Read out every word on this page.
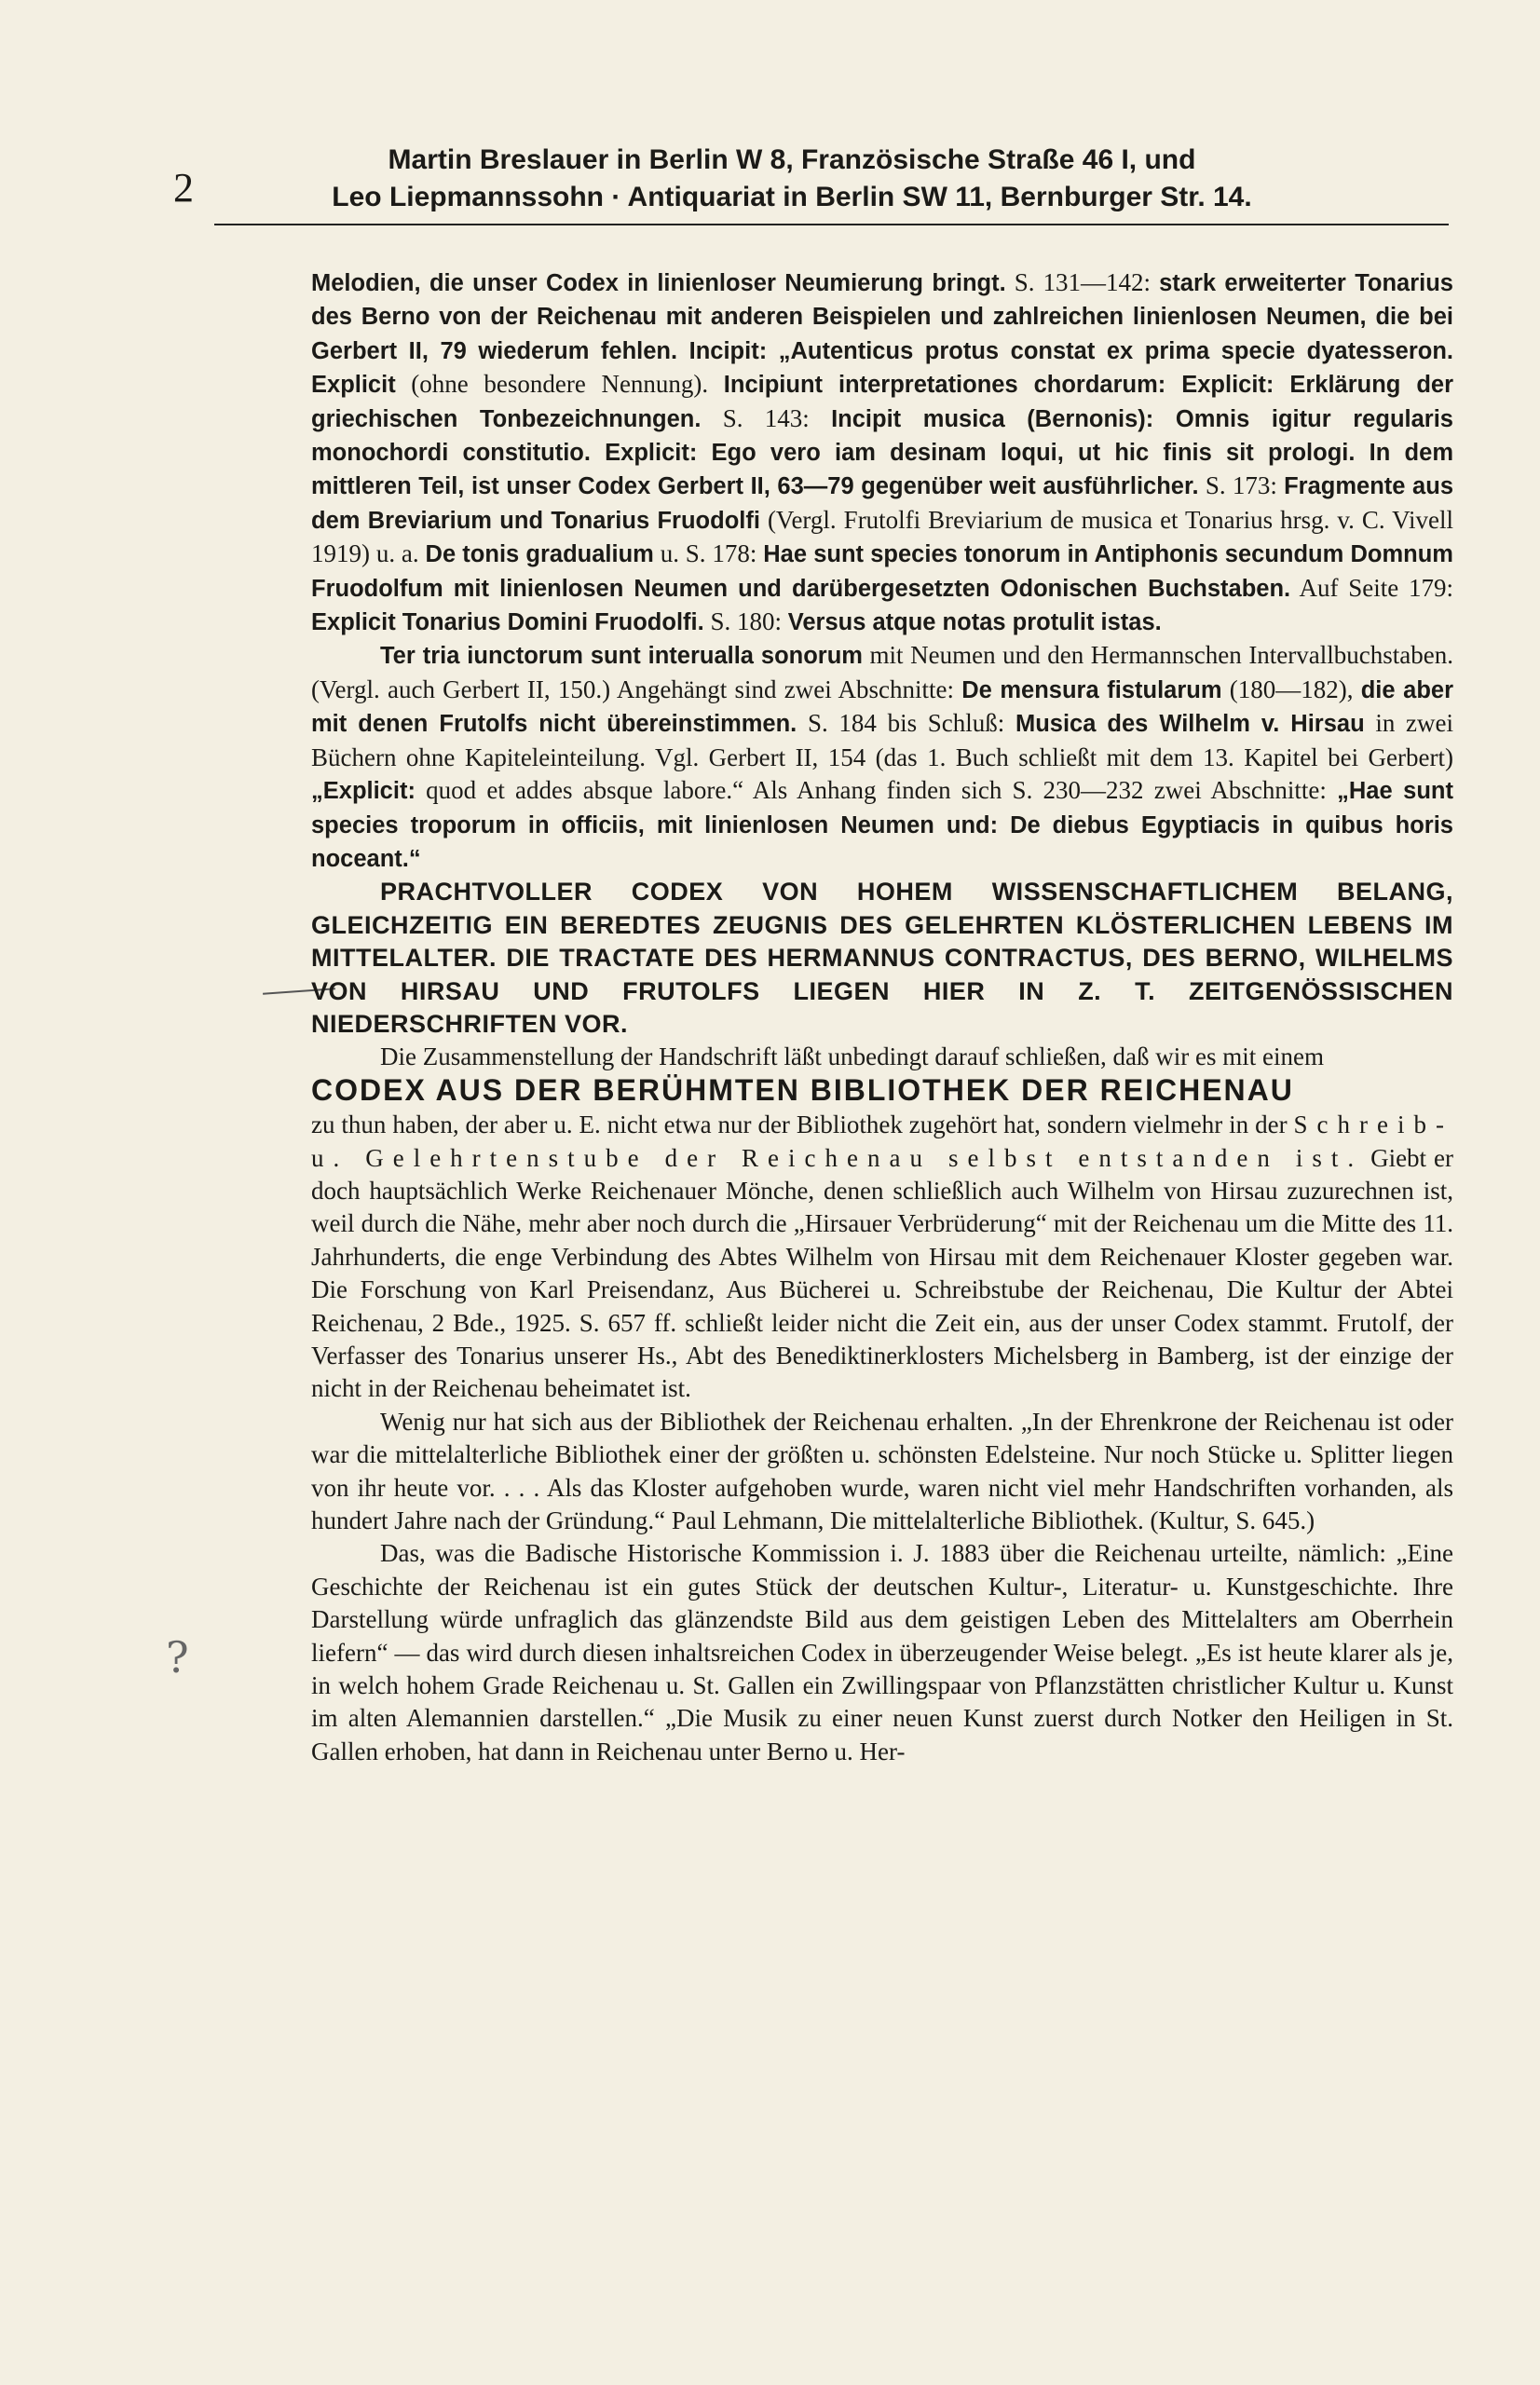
2
Martin Breslauer in Berlin W 8, Französische Straße 46 I, und
Leo Liepmannssohn · Antiquariat in Berlin SW 11, Bernburger Str. 14.
?

Melodien, die unser Codex in linienloser Neumierung bringt. S. 131—142: stark erweiterter Tonarius des Berno von der Reichenau mit anderen Beispielen und zahlreichen linienlosen Neumen, die bei Gerbert II, 79 wiederum fehlen. Incipit: „Autenticus protus constat ex prima specie dyatesseron. Explicit (ohne besondere Nennung). Incipiunt interpretationes chordarum: Explicit: Erklärung der griechischen Tonbezeichnungen. S. 143: Incipit musica (Bernonis): Omnis igitur regularis monochordi constitutio. Explicit: Ego vero iam desinam loqui, ut hic finis sit prologi. In dem mittleren Teil, ist unser Codex Gerbert II, 63—79 gegenüber weit ausführlicher. S. 173: Fragmente aus dem Breviarium und Tonarius Fruodolfi (Vergl. Frutolfi Breviarium de musica et Tonarius hrsg. v. C. Vivell 1919) u. a. De tonis gradualium u. S. 178: Hae sunt species tonorum in Antiphonis secundum Domnum Fruodolfum mit linienlosen Neumen und darübergesetzten Odonischen Buchstaben. Auf Seite 179: Explicit Tonarius Domini Fruodolfi. S. 180: Versus atque notas protulit istas.

Ter tria iunctorum sunt interualla sonorum mit Neumen und den Hermannschen Intervallbuchstaben. (Vergl. auch Gerbert II, 150.) Angehängt sind zwei Abschnitte: De mensura fistularum (180—182), die aber mit denen Frutolfs nicht übereinstimmen. S. 184 bis Schluß: Musica des Wilhelm v. Hirsau in zwei Büchern ohne Kapiteleinteilung. Vgl. Gerbert II, 154 (das 1. Buch schließt mit dem 13. Kapitel bei Gerbert) „Explicit: quod et addes absque labore.“ Als Anhang finden sich S. 230—232 zwei Abschnitte: „Hae sunt species troporum in officiis, mit linienlosen Neumen und: De diebus Egyptiacis in quibus horis noceant.“

PRACHTVOLLER CODEX VON HOHEM WISSENSCHAFTLICHEM BELANG, GLEICHZEITIG EIN BEREDTES ZEUGNIS DES GELEHRTEN KLÖSTERLICHEN LEBENS IM MITTELALTER. DIE TRACTATE DES HERMANNUS CONTRACTUS, DES BERNO, WILHELMS VON HIRSAU UND FRUTOLFS LIEGEN HIER IN Z. T. ZEITGENÖSSISCHEN NIEDERSCHRIFTEN VOR.

Die Zusammenstellung der Handschrift läßt unbedingt darauf schließen, daß wir es mit einem

CODEX AUS DER BERÜHMTEN BIBLIOTHEK DER REICHENAU

zu thun haben, der aber u. E. nicht etwa nur der Bibliothek zugehört hat, sondern vielmehr in der Schreib- u. Gelehrtenstube der Reichenau selbst entstanden ist. Giebt er doch hauptsächlich Werke Reichenauer Mönche, denen schließlich auch Wilhelm von Hirsau zuzurechnen ist, weil durch die Nähe, mehr aber noch durch die „Hirsauer Verbrüderung“ mit der Reichenau um die Mitte des 11. Jahrhunderts, die enge Verbindung des Abtes Wilhelm von Hirsau mit dem Reichenauer Kloster gegeben war. Die Forschung von Karl Preisendanz, Aus Bücherei u. Schreibstube der Reichenau, Die Kultur der Abtei Reichenau, 2 Bde., 1925. S. 657 ff. schließt leider nicht die Zeit ein, aus der unser Codex stammt. Frutolf, der Verfasser des Tonarius unserer Hs., Abt des Benediktinerklosters Michelsberg in Bamberg, ist der einzige der nicht in der Reichenau beheimatet ist.

Wenig nur hat sich aus der Bibliothek der Reichenau erhalten. „In der Ehrenkrone der Reichenau ist oder war die mittelalterliche Bibliothek einer der größten u. schönsten Edelsteine. Nur noch Stücke u. Splitter liegen von ihr heute vor. . . . Als das Kloster aufgehoben wurde, waren nicht viel mehr Handschriften vorhanden, als hundert Jahre nach der Gründung.“ Paul Lehmann, Die mittelalterliche Bibliothek. (Kultur, S. 645.)

Das, was die Badische Historische Kommission i. J. 1883 über die Reichenau urteilte, nämlich: „Eine Geschichte der Reichenau ist ein gutes Stück der deutschen Kultur-, Literatur- u. Kunstgeschichte. Ihre Darstellung würde unfraglich das glänzendste Bild aus dem geistigen Leben des Mittelalters am Oberrhein liefern“ — das wird durch diesen inhaltsreichen Codex in überzeugender Weise belegt. „Es ist heute klarer als je, in welch hohem Grade Reichenau u. St. Gallen ein Zwillingspaar von Pflanzstätten christlicher Kultur u. Kunst im alten Alemannien darstellen.“ „Die Musik zu einer neuen Kunst zuerst durch Notker den Heiligen in St. Gallen erhoben, hat dann in Reichenau unter Berno u. Her-
